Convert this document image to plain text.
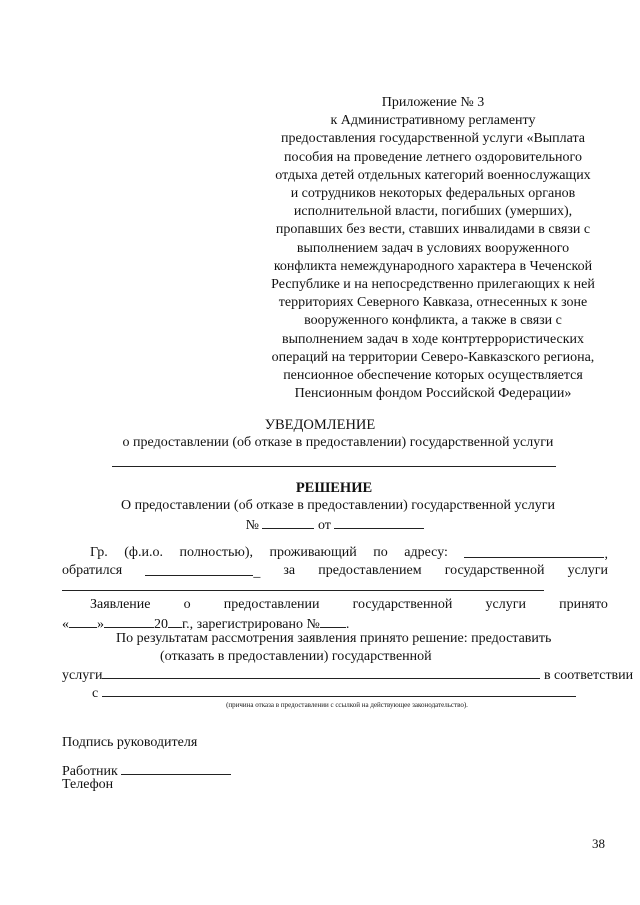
Приложение № 3
к Административному регламенту
предоставления государственной услуги «Выплата
пособия на проведение летнего оздоровительного
отдыха детей отдельных категорий военнослужащих
и сотрудников некоторых федеральных органов
исполнительной власти, погибших (умерших),
пропавших без вести, ставших инвалидами в связи с
выполнением задач в условиях вооруженного
конфликта немеждународного характера в Чеченской
Республике и на непосредственно прилегающих к ней
территориях Северного Кавказа, отнесенных к зоне
вооруженного конфликта, а также в связи с
выполнением задач в ходе контртеррористических
операций на территории Северо-Кавказского региона,
пенсионное обеспечение которых осуществляется
Пенсионным фондом Российской Федерации»
УВЕДОМЛЕНИЕ
о предоставлении (об отказе в предоставлении) государственной услуги
РЕШЕНИЕ
О предоставлении (об отказе в предоставлении) государственной услуги
№	от
Гр. (ф.и.о. полностью), проживающий по адресу:	,
обратился	_ за предоставлением государственной услуги
Заявление о предоставлении государственной услуги принято
« »	20 г., зарегистрировано № .
По результатам рассмотрения заявления принято решение: предоставить
(отказать в предоставлении) государственной
услуги	в соответствии
с
(причина отказа в предоставлении с ссылкой на действующее законодательство).
Подпись руководителя
Работник
Телефон
38
